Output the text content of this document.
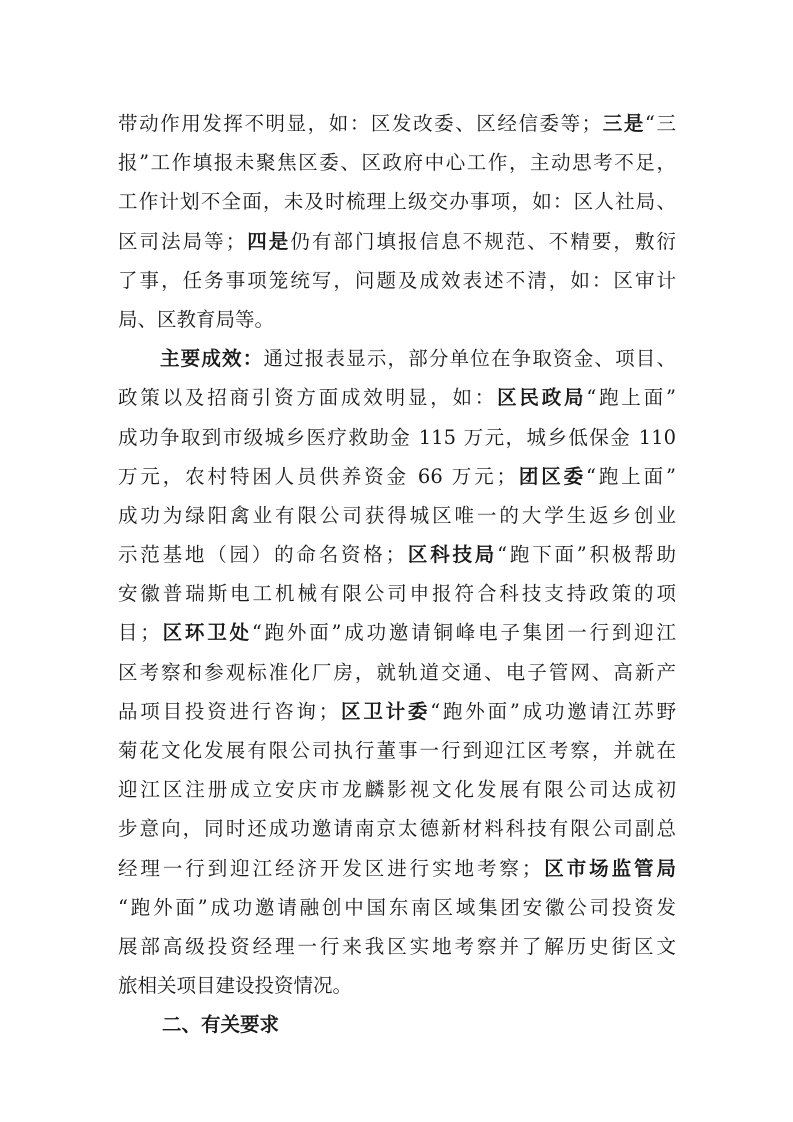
带动作用发挥不明显，如：区发改委、区经信委等；三是“三
报”工作填报未聚焦区委、区政府中心工作，主动思考不足，
工作计划不全面，未及时梳理上级交办事项，如：区人社局、
区司法局等；四是仍有部门填报信息不规范、不精要，敷衍
了事，任务事项笼统写，问题及成效表述不清，如：区审计
局、区教育局等。
主要成效：通过报表显示，部分单位在争取资金、项目、
政策以及招商引资方面成效明显，如：区民政局“跑上面”
成功争取到市级城乡医疗救助金 115 万元，城乡低保金 110
万元，农村特困人员供养资金 66 万元；团区委“跑上面”
成功为绿阳禽业有限公司获得城区唯一的大学生返乡创业
示范基地（园）的命名资格；区科技局“跑下面”积极帮助
安徽普瑞斯电工机械有限公司申报符合科技支持政策的项
目；区环卫处“跑外面”成功邀请铜峰电子集团一行到迎江
区考察和参观标准化厂房，就轨道交通、电子管网、高新产
品项目投资进行咨询；区卫计委“跑外面”成功邀请江苏野
菊花文化发展有限公司执行董事一行到迎江区考察，并就在
迎江区注册成立安庆市龙麟影视文化发展有限公司达成初
步意向，同时还成功邀请南京太德新材料科技有限公司副总
经理一行到迎江经济开发区进行实地考察；区市场监管局
“跑外面”成功邀请融创中国东南区域集团安徽公司投资发
展部高级投资经理一行来我区实地考察并了解历史街区文
旅相关项目建设投资情况。
二、有关要求
